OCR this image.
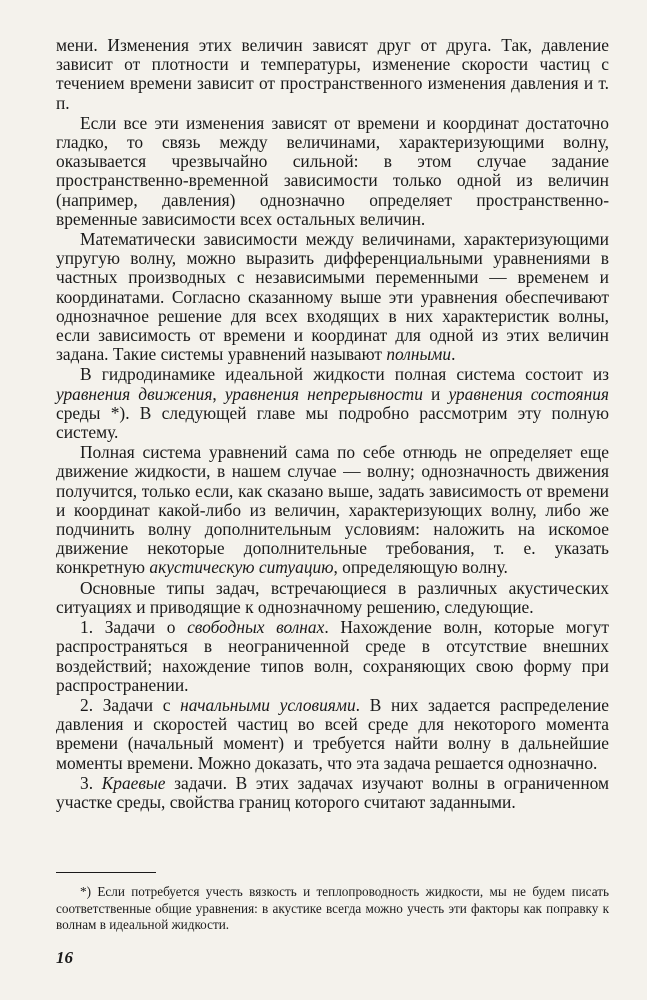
мени. Изменения этих величин зависят друг от друга. Так, давление зависит от плотности и температуры, изменение скорости частиц с течением времени зависит от пространственного изменения давления и т. п.

Если все эти изменения зависят от времени и координат достаточно гладко, то связь между величинами, характеризующими волну, оказывается чрезвычайно сильной: в этом случае задание пространственно-временной зависимости только одной из величин (например, давления) однозначно определяет пространственно-временные зависимости всех остальных величин.

Математически зависимости между величинами, характеризующими упругую волну, можно выразить дифференциальными уравнениями в частных производных с независимыми переменными — временем и координатами. Согласно сказанному выше эти уравнения обеспечивают однозначное решение для всех входящих в них характеристик волны, если зависимость от времени и координат для одной из этих величин задана. Такие системы уравнений называют полными.

В гидродинамике идеальной жидкости полная система состоит из уравнения движения, уравнения непрерывности и уравнения состояния среды *). В следующей главе мы подробно рассмотрим эту полную систему.

Полная система уравнений сама по себе отнюдь не определяет еще движение жидкости, в нашем случае — волну; однозначность движения получится, только если, как сказано выше, задать зависимость от времени и координат какой-либо из величин, характеризующих волну, либо же подчинить волну дополнительным условиям: наложить на искомое движение некоторые дополнительные требования, т. е. указать конкретную акустическую ситуацию, определяющую волну.

Основные типы задач, встречающиеся в различных акустических ситуациях и приводящие к однозначному решению, следующие.

1. Задачи о свободных волнах. Нахождение волн, которые могут распространяться в неограниченной среде в отсутствие внешних воздействий; нахождение типов волн, сохраняющих свою форму при распространении.

2. Задачи с начальными условиями. В них задается распределение давления и скоростей частиц во всей среде для некоторого момента времени (начальный момент) и требуется найти волну в дальнейшие моменты времени. Можно доказать, что эта задача решается однозначно.

3. Краевые задачи. В этих задачах изучают волны в ограниченном участке среды, свойства границ которого считают заданными.

*) Если потребуется учесть вязкость и теплопроводность жидкости, мы не будем писать соответственные общие уравнения: в акустике всегда можно учесть эти факторы как поправку к волнам в идеальной жидкости.
16
